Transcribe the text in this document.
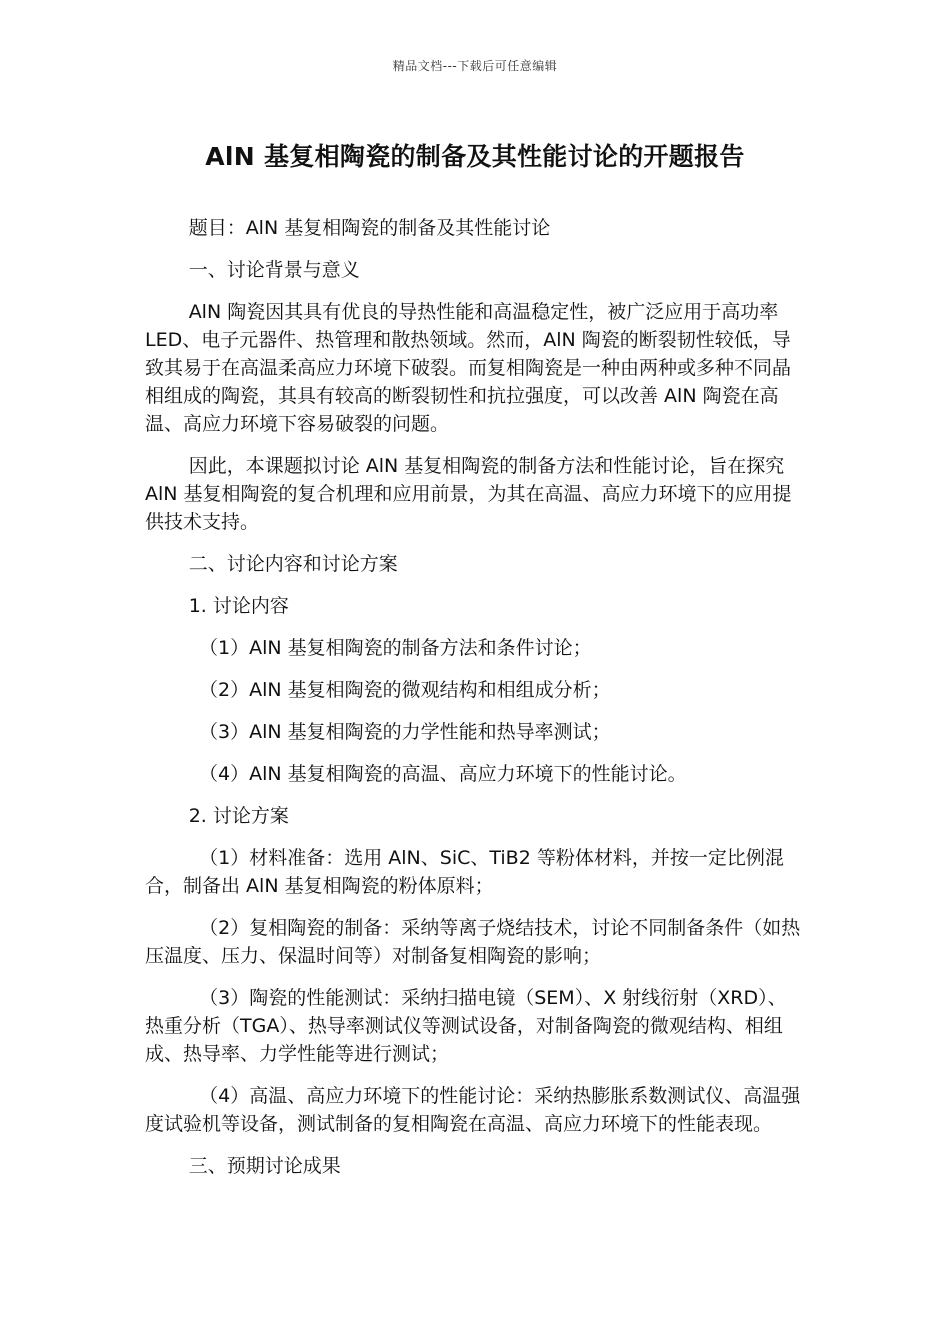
精品文档---下载后可任意编辑
AlN 基复相陶瓷的制备及其性能讨论的开题报告

题目：AlN 基复相陶瓷的制备及其性能讨论

一、讨论背景与意义

AlN 陶瓷因其具有优良的导热性能和高温稳定性，被广泛应用于高功率 LED、电子元器件、热管理和散热领域。然而，AlN 陶瓷的断裂韧性较低，导致其易于在高温柔高应力环境下破裂。而复相陶瓷是一种由两种或多种不同晶相组成的陶瓷，其具有较高的断裂韧性和抗拉强度，可以改善 AlN 陶瓷在高温、高应力环境下容易破裂的问题。

因此，本课题拟讨论 AlN 基复相陶瓷的制备方法和性能讨论，旨在探究 AlN 基复相陶瓷的复合机理和应用前景，为其在高温、高应力环境下的应用提供技术支持。

二、讨论内容和讨论方案

1. 讨论内容

（1）AlN 基复相陶瓷的制备方法和条件讨论；

（2）AlN 基复相陶瓷的微观结构和相组成分析；

（3）AlN 基复相陶瓷的力学性能和热导率测试；

（4）AlN 基复相陶瓷的高温、高应力环境下的性能讨论。

2. 讨论方案

（1）材料准备：选用 AlN、SiC、TiB2 等粉体材料，并按一定比例混合，制备出 AlN 基复相陶瓷的粉体原料；

（2）复相陶瓷的制备：采纳等离子烧结技术，讨论不同制备条件（如热压温度、压力、保温时间等）对制备复相陶瓷的影响；

（3）陶瓷的性能测试：采纳扫描电镜（SEM）、X 射线衍射（XRD）、热重分析（TGA）、热导率测试仪等测试设备，对制备陶瓷的微观结构、相组成、热导率、力学性能等进行测试；

（4）高温、高应力环境下的性能讨论：采纳热膨胀系数测试仪、高温强度试验机等设备，测试制备的复相陶瓷在高温、高应力环境下的性能表现。

三、预期讨论成果
